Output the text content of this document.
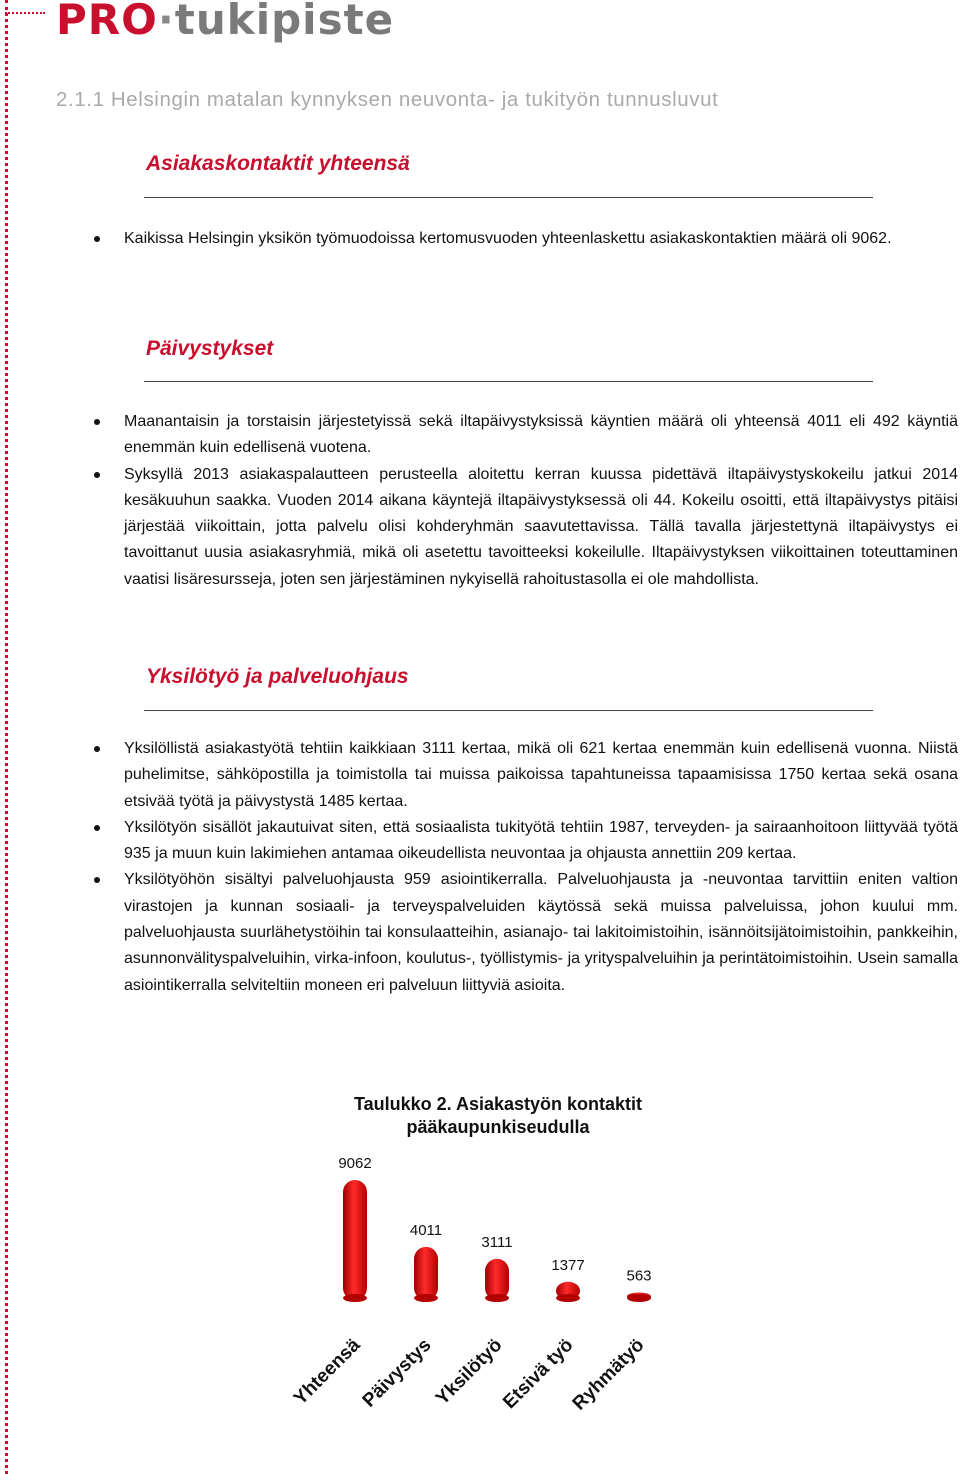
PRO·tukipiste
2.1.1 Helsingin matalan kynnyksen neuvonta- ja tukityön tunnusluvut
Asiakaskontaktit yhteensä
Kaikissa Helsingin yksikön työmuodoissa kertomusvuoden yhteenlaskettu asiakaskontaktien määrä oli 9062.
Päivystykset
Maanantaisin ja torstaisin järjestetyissä sekä iltapäivystyksissä käyntien määrä oli yhteensä 4011 eli 492 käyntiä enemmän kuin edellisenä vuotena.
Syksyllä 2013 asiakaspalautteen perusteella aloitettu kerran kuussa pidettävä iltapäivystyskokeilu jatkui 2014 kesäkuuhun saakka. Vuoden 2014 aikana käyntejä iltapäivystyksessä oli 44. Kokeilu osoitti, että iltapäivystys pitäisi järjestää viikoittain, jotta palvelu olisi kohderyhmän saavutettavissa. Tällä tavalla järjestettynä iltapäivystys ei tavoittanut uusia asiakasryhmiä, mikä oli asetettu tavoitteeksi kokeilulle. Iltapäivystyksen viikoittainen toteuttaminen vaatisi lisäresursseja, joten sen järjestäminen nykyisellä rahoitustasolla ei ole mahdollista.
Yksilötyö ja palveluohjaus
Yksilöllistä asiakastyötä tehtiin kaikkiaan 3111 kertaa, mikä oli 621 kertaa enemmän kuin edellisenä vuonna. Niistä puhelimitse, sähköpostilla ja toimistolla tai muissa paikoissa tapahtuneissa tapaamisissa 1750 kertaa sekä osana etsivää työtä ja päivystystä 1485 kertaa.
Yksilötyön sisällöt jakautuivat siten, että sosiaalista tukityötä tehtiin 1987, terveyden- ja sairaanhoitoon liittyvää työtä 935 ja muun kuin lakimiehen antamaa oikeudellista neuvontaa ja ohjausta annettiin 209 kertaa.
Yksilötyöhön sisältyi palveluohjausta 959 asiointikerralla. Palveluohjausta ja -neuvontaa tarvittiin eniten valtion virastojen ja kunnan sosiaali- ja terveyspalveluiden käytössä sekä muissa palveluissa, johon kuului mm. palveluohjausta suurlähetystöihin tai konsulaatteihin, asianajo- tai lakitoimistoihin, isännöitsijätoimistoihin, pankkeihin, asunnonvälityspalveluihin, virka-infoon, koulutus-, työllistymis- ja yrityspalveluihin ja perintätoimistoihin. Usein samalla asiointikerralla selviteltiin moneen eri palveluun liittyviä asioita.
Taulukko 2. Asiakastyön kontaktit pääkaupunkiseudulla
9062
Yhteensä
4011
Päivystys
3111
Yksilötyö
1377
Etsivä työ
563
Ryhmätyö
